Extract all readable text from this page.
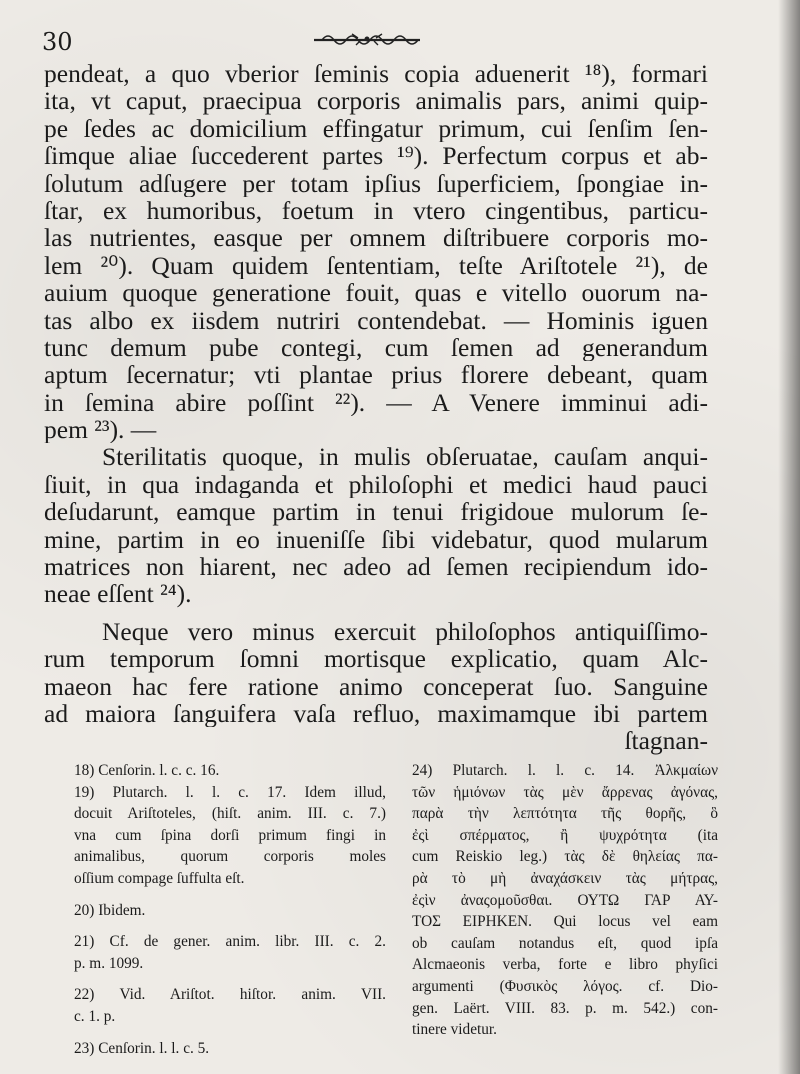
30
pendeat, a quo vberior ſeminis copia aduenerit ¹⁸), formari
ita, vt caput, praecipua corporis animalis pars, animi quip-
pe ſedes ac domicilium effingatur primum, cui ſenſim ſen-
ſimque aliae ſuccederent partes ¹⁹). Perfectum corpus et ab-
ſolutum adſugere per totam ipſius ſuperficiem, ſpongiae in-
ſtar, ex humoribus, foetum in vtero cingentibus, particu-
las nutrientes, easque per omnem diſtribuere corporis mo-
lem ²⁰). Quam quidem ſententiam, teſte Ariſtotele ²¹), de
auium quoque generatione fouit, quas e vitello ouorum na-
tas albo ex iisdem nutriri contendebat. — Hominis iguen
tunc demum pube contegi, cum ſemen ad generandum
aptum ſecernatur; vti plantae prius florere debeant, quam
in ſemina abire poſſint ²²). — A Venere imminui adi-
pem ²³). —
Sterilitatis quoque, in mulis obſeruatae, cauſam anqui-
ſiuit, in qua indaganda et philoſophi et medici haud pauci
deſudarunt, eamque partim in tenui frigidoue mulorum ſe-
mine, partim in eo inueniſſe ſibi videbatur, quod mularum
matrices non hiarent, nec adeo ad ſemen recipiendum ido-
neae eſſent ²⁴).
Neque vero minus exercuit philoſophos antiquiſſimo-
rum temporum ſomni mortisque explicatio, quam Alc-
maeon hac fere ratione animo conceperat ſuo. Sanguine
ad maiora ſanguifera vaſa refluo, maximamque ibi partem
ſtagnan-
18) Cenſorin. l. c. c. 16.
19) Plutarch. l. l. c. 17. Idem illud,
docuit Ariſtoteles, (hiſt. anim. III. c. 7.)
vna cum ſpina dorſi primum fingi in
animalibus, quorum corporis moles
oſſium compage ſuffulta eſt.
20) Ibidem.
21) Cf. de gener. anim. libr. III. c. 2.
p. m. 1099.
22) Vid. Ariſtot. hiſtor. anim. VII.
c. 1. p.
23) Cenſorin. l. l. c. 5.
24) Plutarch. l. l. c. 14. Ἀλκμαίων
τῶν ἡμιόνων τὰς μὲν ἄρρενας ἀγόνας,
παρὰ τὴν λεπτότητα τῆς θορῆς, ὃ
ἐςὶ σπέρματος, ἢ ψυχρότητα (ita
cum Reiskio leg.) τὰς δὲ θηλείας πα-
ρὰ τὸ μὴ ἀναχάσκειν τὰς μήτρας,
ἐςὶν ἀναςομοῦσθαι. ΟΥΤΩ ΓΑΡ ΑΥ-
ΤΟΣ ΕΙΡΗΚΕΝ. Qui locus vel eam
ob cauſam notandus eſt, quod ipſa
Alcmaeonis verba, forte e libro phyſici
argumenti (Φυσικὸς λόγος. cf. Dio-
gen. Laërt. VIII. 83. p. m. 542.) con-
tinere videtur.
